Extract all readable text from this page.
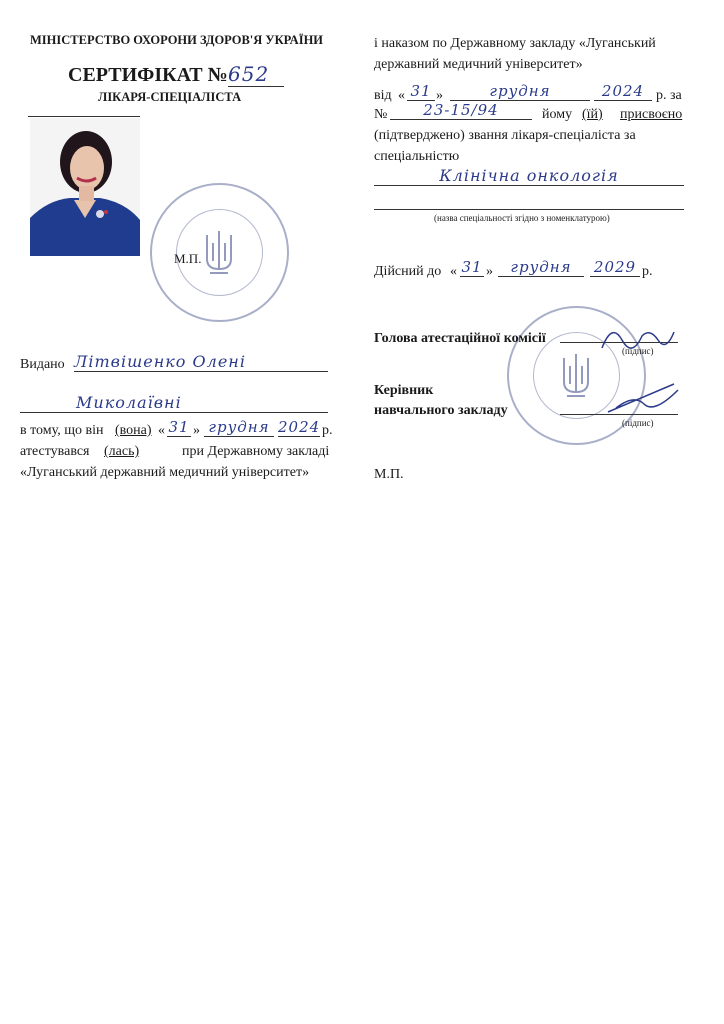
МІНІСТЕРСТВО ОХОРОНИ ЗДОРОВ'Я УКРАЇНИ
СЕРТИФІКАТ № 652
ЛІКАРЯ-СПЕЦІАЛІСТА
М.П.
Видано Літвішенко Олені
Миколаївні
в тому, що він (вона) « 31 » грудня 2024 р.
атестувався (лась)	при Державному закладі
«Луганський державний медичний університет»
і наказом по Державному закладу «Луганський
державний медичний університет»
від « 31 »	грудня	2024 р. за
№	23-15/94	йому (їй) присвоєно
(підтверджено) звання лікаря-спеціаліста за
спеціальністю
Клінічна онкологія
(назва спеціальності згідно з номенклатурою)
Дійсний до « 31 »	грудня	2029 р.
Голова атестаційної комісії
(підпис)
Керівник
навчального закладу
(підпис)
М.П.
